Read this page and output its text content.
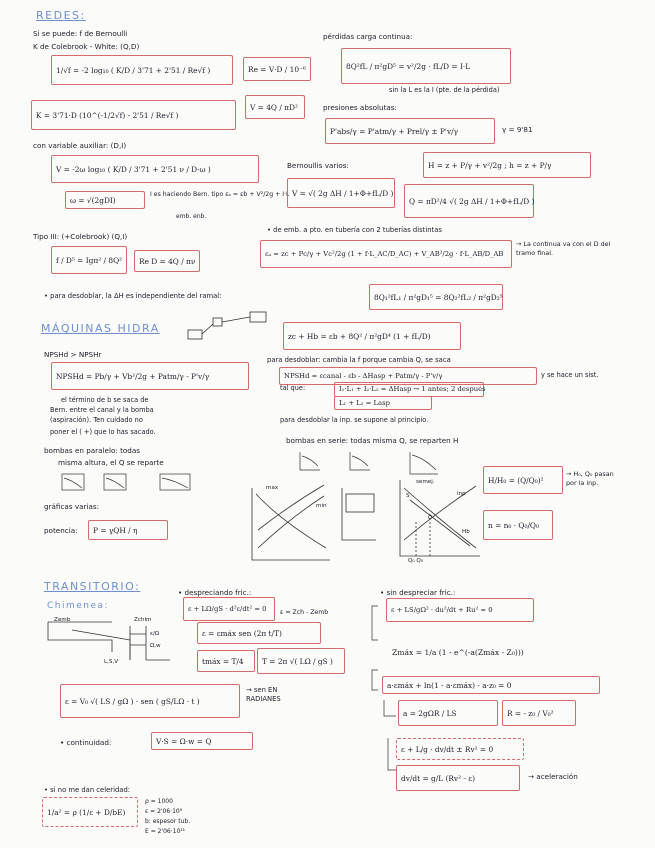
REDES:
Si se puede: f de Bernoulli
K de Colebrook - White: (Q,D)
1/√f = -2 log₁₀ ( K/D / 3'71 + 2'51 / Re√f )	Re = V·D / 10⁻⁶
K = 3'71·D (10^(-1/2√f) - 2'51 / Re√f )
V = 4Q / πD²
con variable auxiliar: (D,I)
V = -2ω log₁₀ ( K/D / 3'71 + 2'51 ν / D·ω )
ω = √(2gDI)
I es haciendo Bern. tipo εₐ = εb + V²/2g + I·L
emb. enb.
Tipo III: (+Colebrook) (Q,I)
f / D⁵ = Igπ² / 8Q²	Re D = 4Q / πν
• para desdoblar, la ΔH es independiente del ramal:	8Q₁²fL₁ / π²gD₁⁵ = 8Q₂²fL₂ / π²gD₂⁵
pérdidas carga continua:
8Q²fL / π²gD⁵ = v²/2g · fL/D = I·L
sin la L es la I (pte. de la pérdida)
presiones absolutas:
P'abs/γ = P'atm/γ + Prel/γ ± P'v/γ	γ = 9'81
Bernoullis varios:	H = z + P/γ + v²/2g ; h = z + P/γ
V = √( 2g ΔH / 1+Φ+fL/D )
Q = πD²/4 √( 2g ΔH / 1+Φ+fL/D )
• de emb. a pto. en tubería con 2 tuberías distintas
εₐ = zc + Pc/γ + Vc²/2g (1 + f·L_AC/D_AC) + V_AB²/2g · f·L_AB/D_AB
→ La continua va con el D del tramo final.
MÁQUINAS HIDRA
zc + Hb = εb + 8Q² / π²gD⁴ (1 + fL/D)
NPSHd > NPSHr
NPSHd = Pb/γ + Vb²/2g + Patm/γ - P'v/γ
el término de b se saca de
Bern. entre el canal y la bomba
(aspiración). Ten cuidado no
poner el ( +) que lo has sacado.
para desdoblar: cambia la f porque cambia Q, se saca
NPSHd = εcanal - εb - ΔHasp + Patm/γ - P'v/γ	y se hace un sist.
tal que:	I₁·L₁ + I₂·L₂ = ΔHasp → 1 antes; 2 después
L₁ + L₂ = Lasp
para desdoblar la inp. se supone al principio.
bombas en paralelo: todas
misma altura, el Q se reparte
bombas en serie: todas misma Q, se reparten H
gráficas varias:
potencia:	P = γQH / η
H/H₀ = (Q/Q₀)²
→ H₀, Q₀ pasan por la inp.
n = n₀ · Q₀/Q₀
max
min
semej.
inp
Hb
Q₀ Q₀
S
O
TRANSITORIO:
Chimenea:
Zemb	Zchim
ε/Ω
Ω,w
L,S,V
• despreciando fric.:
ε + LΩ/gS · d²ε/dt² = 0	ε = Zch - Zemb
ε = εmáx sen (2π t/T)
tmáx = T/4	T = 2π √( LΩ / gS )
ε = V₀ √( LS / gΩ ) · sen ( gS/LΩ · t )
→ sen EN RADIANES
• continuidad:	V·S = Ω·w = Q
• si no me dan celeridad:
1/a² = ρ (1/ε + D/bE)
ρ = 1000
ε = 2'06·10⁹
b: espesor tub.
E = 2'06·10¹¹
• sin despreciar fric.:
ε + LS/gΩ² · du²/dt + Ru² = 0
Zmáx = 1/a (1 - e^(-a(Zmáx - Z₀)))
a·εmáx + ln(1 - a·εmáx) - a·z₀ = 0
a = 2gΩR / LS	R = - z₀ / V₀²
ε + L/g · dv/dt ± Rv² = 0
dv/dt = g/L (Rv² - ε)	→ aceleración
